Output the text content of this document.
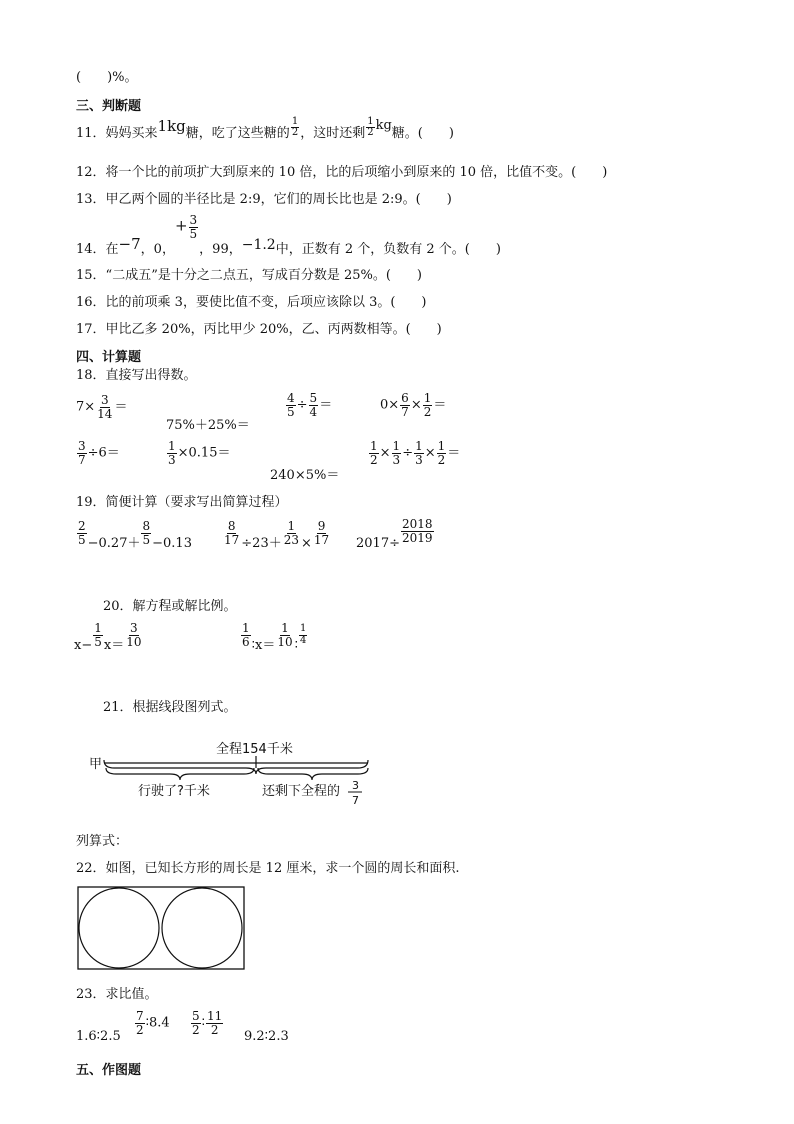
(　　)%。
三、判断题
11．妈妈买来1kg糖，吃了这些糖的 $\frac{1}{2}$ ，这时还剩 $\frac{1}{2}$ kg糖。(　　)
12．将一个比的前项扩大到原来的 10 倍，比的后项缩小到原来的 10 倍，比值不变。(　　)
13．甲乙两个圆的半径比是 2:9，它们的周长比也是 2:9。(　　)
14．在−7，0，+ $\frac{3}{5}$
，99，−1.2中，正数有 2 个，负数有 2 个。(　　)
15．“二成五”是十分之二点五，写成百分数是 25%。(　　)
16．比的前项乘 3，要使比值不变，后项应该除以 3。(　　)
17．甲比乙多 20%，丙比甲少 20%，乙、丙两数相等。(　　)
四、计算题
18．直接写出得数。
$7\times \frac{3}{14}$ ＝
75%＋25%＝
$\frac{4}{5} \div \frac{5}{4}$ ＝	$0\times \frac{6}{7} \times \frac{1}{2}$ ＝
$\frac{3}{7} \div 6=$	$\frac{1}{3} \times 0.15=$
240×5%＝
$\frac{1}{2} \times \frac{1}{3} \div \frac{1}{3} \times \frac{1}{2}$ ＝
19．简便计算（要求写出简算过程）
$\frac{2}{5} -0.27+ \frac{8}{5} -0.13$	$\frac{8}{17} \div 23+ \frac{1}{23} \times \frac{9}{17} 2017\div \frac{2018}{2019}$
20．解方程或解比例。
$x- \frac{1}{5} x= \frac{3}{10}$	$\frac{1}{6}$ ∶x＝ $\frac{1}{10}$ ∶ $\frac{1}{4}$
21．根据线段图列式。
甲
全程154千米
行驶了?千米	还剩下全程的 3
7
列算式：
22．如图，已知长方形的周长是 12 厘米，求一个圆的周长和面积.
23．求比值。
1.6∶2.5
$\frac{7}{2}$ ∶8.4 $\frac{5}{2}$ ∶ $\frac{11}{2}$
9.2∶2.3
五、作图题
